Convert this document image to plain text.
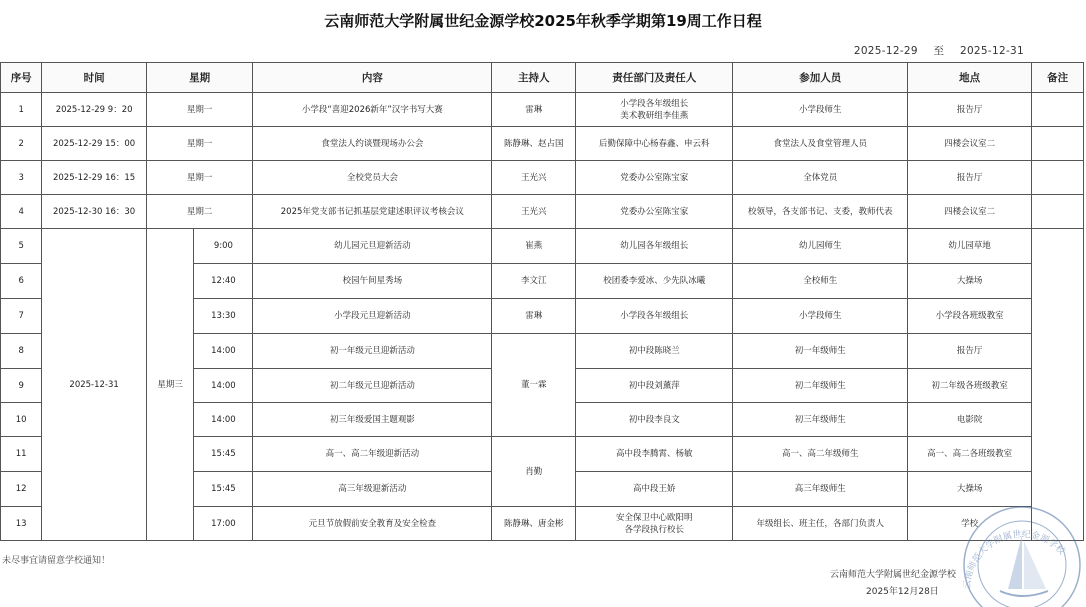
云南师范大学附属世纪金源学校2025年秋季学期第19周工作日程
2025-12-29 至 2025-12-31
序号	时间	星期		内容	主持人	责任部门及责任人	参加人员	地点	备注
1	2025-12-29 9：20	星期一		小学段“喜迎2026新年”汉字书写大赛	雷琳	小学段各年级组长
美术教研组李佳燕	小学段师生	报告厅	
2	2025-12-29 15：00	星期一		食堂法人约谈暨现场办公会	陈静琳、赵占国	后勤保障中心杨春鑫、申云科	食堂法人及食堂管理人员	四楼会议室二	
3	2025-12-29 16：15	星期一		全校党员大会	王光兴	党委办公室陈宝家	全体党员	报告厅	
4	2025-12-30 16：30	星期二		2025年党支部书记抓基层党建述职评议考核会议	王光兴	党委办公室陈宝家	校领导，各支部书记、支委，教师代表	四楼会议室二	
5	2025-12-31	星期三	9:00	幼儿园元旦迎新活动	崔燕	幼儿园各年级组长	幼儿园师生	幼儿园草地	
6			12:40	校园午间星秀场	李文江	校团委李爱冰、少先队冰曦	全校师生	大操场	
7			13:30	小学段元旦迎新活动	雷琳	小学段各年级组长	小学段师生	小学段各班级教室	
8			14:00	初一年级元旦迎新活动	董一霖	初中段陈晓兰	初一年级师生	报告厅	
9			14:00	初二年级元旦迎新活动		初中段刘薰萍	初二年级师生	初二年级各班级教室	
10			14:00	初三年级爱国主题观影		初中段李良文	初三年级师生	电影院	
11			15:45	高一、高二年级迎新活动	肖勤	高中段李腾霄、杨敏	高一、高二年级师生	高一、高二各班级教室	
12			15:45	高三年级迎新活动		高中段王娇	高三年级师生	大操场	
13			17:00	元旦节放假前安全教育及安全检查	陈静琳、唐金彬	安全保卫中心欧阳明
各学段执行校长	年级组长、班主任，各部门负责人	学校	
未尽事宜请留意学校通知！
云南师范大学附属世纪金源学校
2025年12月28日
云南师范大学附属世纪金源学校
